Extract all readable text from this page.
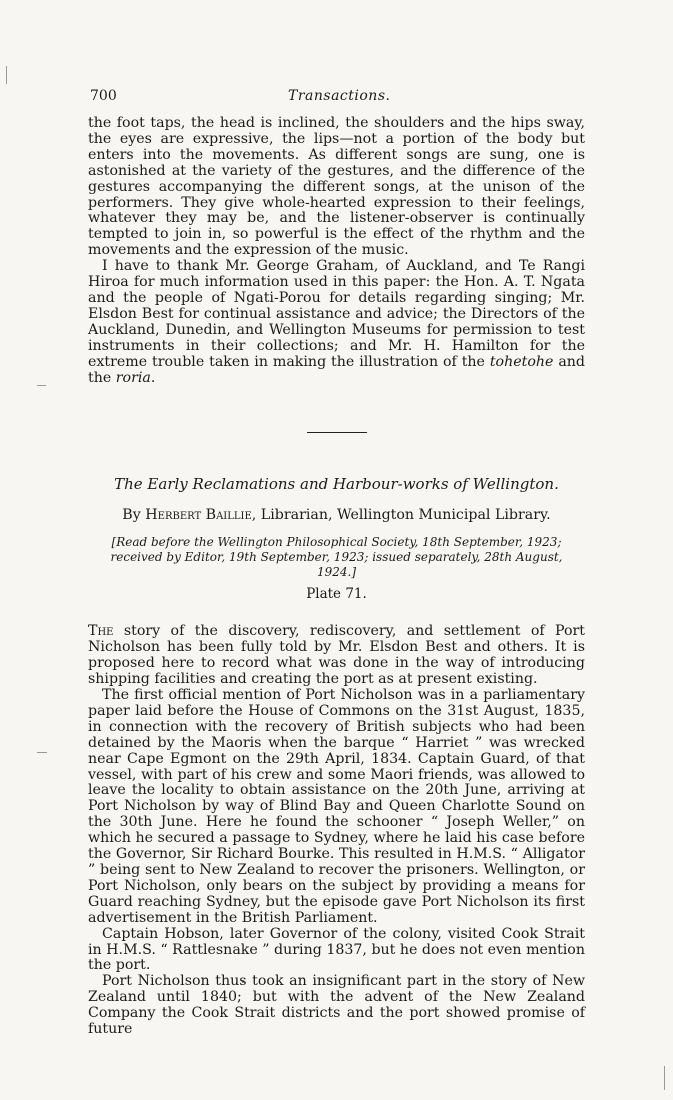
700	Transactions.

the foot taps, the head is inclined, the shoulders and the hips sway, the eyes are expressive, the lips—not a portion of the body but enters into the movements. As different songs are sung, one is astonished at the variety of the gestures, and the difference of the gestures accompanying the different songs, at the unison of the performers. They give whole-hearted expression to their feelings, whatever they may be, and the listener-observer is continually tempted to join in, so powerful is the effect of the rhythm and the movements and the expression of the music.

I have to thank Mr. George Graham, of Auckland, and Te Rangi Hiroa for much information used in this paper: the Hon. A. T. Ngata and the people of Ngati-Porou for details regarding singing; Mr. Elsdon Best for continual assistance and advice; the Directors of the Auckland, Dunedin, and Wellington Museums for permission to test instruments in their collections; and Mr. H. Hamilton for the extreme trouble taken in making the illustration of the tohetohe and the roria.

The Early Reclamations and Harbour-works of Wellington.
By Herbert Baillie, Librarian, Wellington Municipal Library.
[Read before the Wellington Philosophical Society, 18th September, 1923; received by Editor, 19th September, 1923; issued separately, 28th August, 1924.]
Plate 71.

The story of the discovery, rediscovery, and settlement of Port Nicholson has been fully told by Mr. Elsdon Best and others. It is proposed here to record what was done in the way of introducing shipping facilities and creating the port as at present existing.

The first official mention of Port Nicholson was in a parliamentary paper laid before the House of Commons on the 31st August, 1835, in connection with the recovery of British subjects who had been detained by the Maoris when the barque “ Harriet ” was wrecked near Cape Egmont on the 29th April, 1834. Captain Guard, of that vessel, with part of his crew and some Maori friends, was allowed to leave the locality to obtain assistance on the 20th June, arriving at Port Nicholson by way of Blind Bay and Queen Charlotte Sound on the 30th June. Here he found the schooner “ Joseph Weller,” on which he secured a passage to Sydney, where he laid his case before the Governor, Sir Richard Bourke. This resulted in H.M.S. “ Alligator ” being sent to New Zealand to recover the prisoners. Wellington, or Port Nicholson, only bears on the subject by providing a means for Guard reaching Sydney, but the episode gave Port Nicholson its first advertisement in the British Parliament.

Captain Hobson, later Governor of the colony, visited Cook Strait in H.M.S. “ Rattlesnake ” during 1837, but he does not even mention the port.

Port Nicholson thus took an insignificant part in the story of New Zealand until 1840; but with the advent of the New Zealand Company the Cook Strait districts and the port showed promise of future
